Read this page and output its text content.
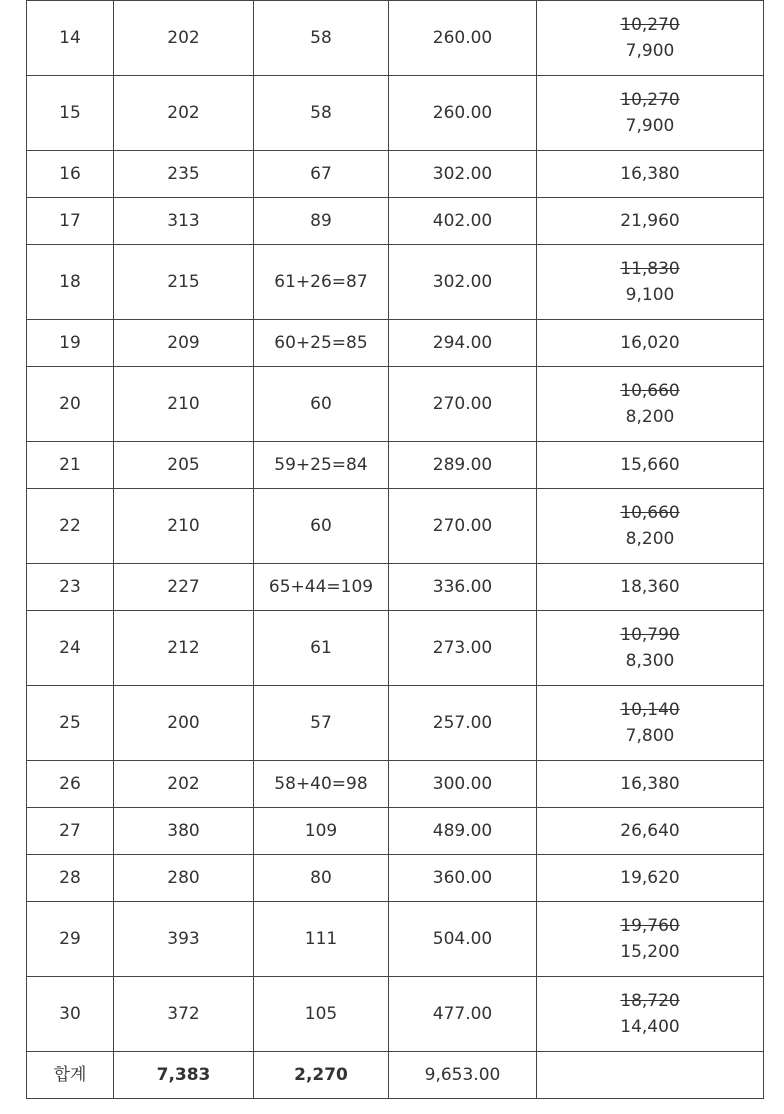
14	202	58	260.00	10,270
7,900

15	202	58	260.00	10,270
7,900

16	235	67	302.00	16,380

17	313	89	402.00	21,960

18	215	61+26=87	302.00	11,830
9,100

19	209	60+25=85	294.00	16,020

20	210	60	270.00	10,660
8,200

21	205	59+25=84	289.00	15,660

22	210	60	270.00	10,660
8,200

23	227	65+44=109	336.00	18,360

24	212	61	273.00	10,790
8,300

25	200	57	257.00	10,140
7,800

26	202	58+40=98	300.00	16,380

27	380	109	489.00	26,640

28	280	80	360.00	19,620

29	393	111	504.00	19,760
15,200

30	372	105	477.00	18,720
14,400

합계	7,383	2,270	9,653.00	
